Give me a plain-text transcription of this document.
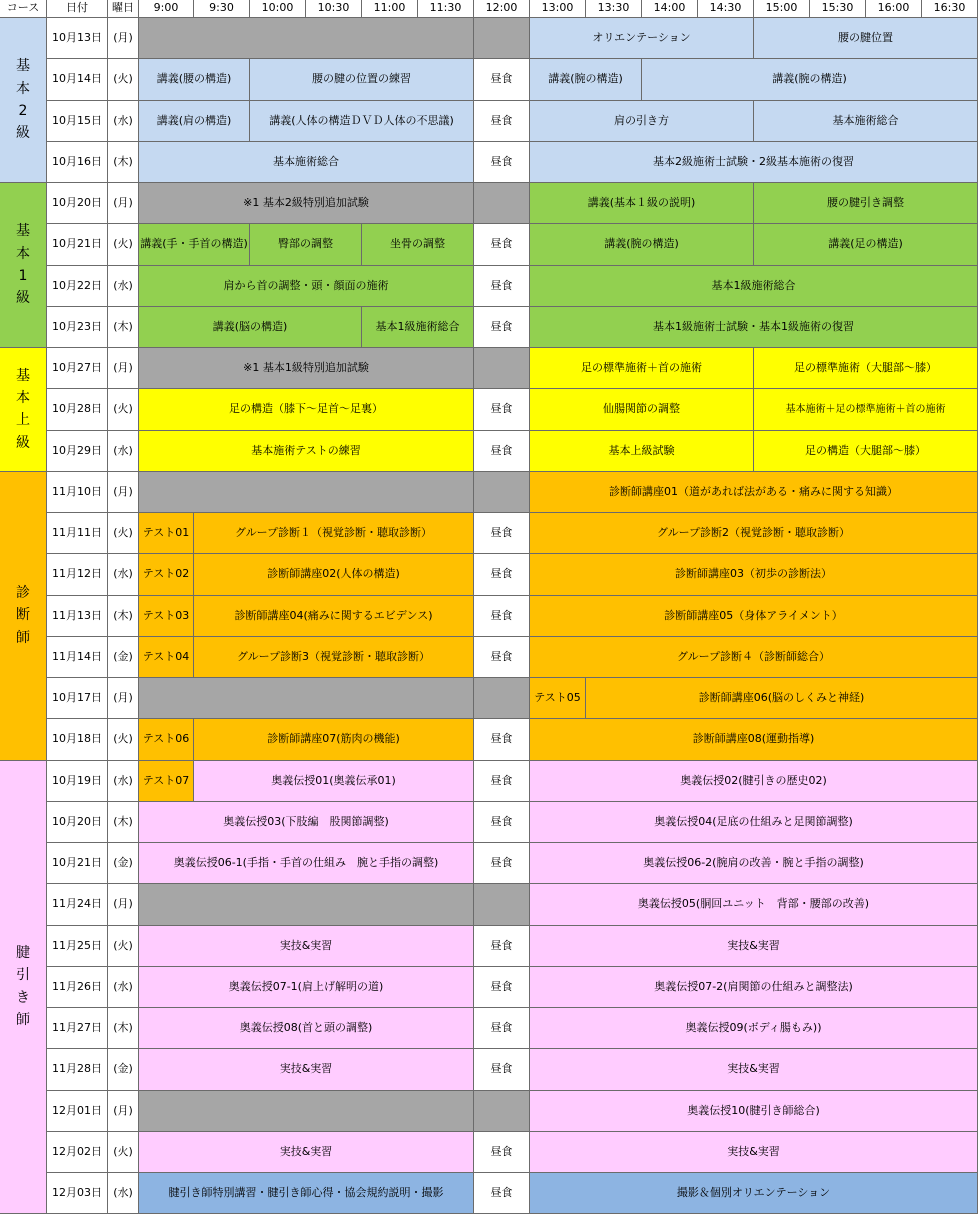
コース	日付	曜日	9:00	9:30	10:00	10:30	11:00	11:30	12:00	13:00	13:30	14:00	14:30	15:00	15:30	16:00	16:30
基
本
2
級
基
本
1
級
基
本
上
級
診
断
師
腱
引
き
師
10月13日	(月)	オリエンテーション	腰の腱位置
10月14日	(火)	講義(腰の構造)	腰の腱の位置の練習	昼食	講義(腕の構造)	講義(腕の構造)
10月15日	(水)	講義(肩の構造)	講義(人体の構造ＤＶＤ人体の不思議)	昼食	肩の引き方	基本施術総合
10月16日	(木)	基本施術総合	昼食	基本2級施術士試験・2級基本施術の復習
10月20日	(月)	※1 基本2級特別追加試験	講義(基本１級の説明)	腰の腱引き調整
10月21日	(火) 講義(手・手首の構造)	臀部の調整	坐骨の調整	昼食	講義(腕の構造)	講義(足の構造)
10月22日	(水)	肩から首の調整・頭・顔面の施術	昼食	基本1級施術総合
10月23日	(木)	講義(脳の構造)	基本1級施術総合	昼食	基本1級施術士試験・基本1級施術の復習
10月27日	(月)	※1 基本1級特別追加試験	足の標準施術＋首の施術	足の標準施術（大腿部～膝）
10月28日	(火)	足の構造（膝下～足首～足裏）	昼食	仙腸関節の調整	基本施術＋足の標準施術＋首の施術
10月29日	(水)	基本施術テストの練習	昼食	基本上級試験	足の構造（大腿部～膝）
11月10日	(月)	診断師講座01（道があれば法がある・痛みに関する知識）
11月11日	(火) テスト01	グループ診断１（視覚診断・聴取診断）	昼食	グループ診断2（視覚診断・聴取診断）
11月12日	(水) テスト02	診断師講座02(人体の構造)	昼食	診断師講座03（初歩の診断法）
11月13日	(木) テスト03	診断師講座04(痛みに関するエビデンス)	昼食	診断師講座05（身体アライメント）
11月14日	(金) テスト04	グループ診断3（視覚診断・聴取診断）	昼食	グループ診断４（診断師総合）
10月17日	(月)	テスト05	診断師講座06(脳のしくみと神経)
10月18日	(火) テスト06	診断師講座07(筋肉の機能)	昼食	診断師講座08(運動指導)
10月19日	(水) テスト07	奥義伝授01(奥義伝承01)	昼食	奥義伝授02(腱引きの歴史02)
10月20日	(木)	奥義伝授03(下肢編　股関節調整)	昼食	奥義伝授04(足底の仕組みと足関節調整)
10月21日	(金)	奥義伝授06-1(手指・手首の仕組み　腕と手指の調整)	昼食	奥義伝授06-2(腕肩の改善・腕と手指の調整)
11月24日	(月)	奥義伝授05(胴回ユニット　背部・腰部の改善)
11月25日	(火)	実技&実習	昼食	実技&実習
11月26日	(水)	奥義伝授07-1(肩上げ解明の道)	昼食	奥義伝授07-2(肩関節の仕組みと調整法)
11月27日	(木)	奥義伝授08(首と頭の調整)	昼食	奥義伝授09(ボディ腸もみ))
11月28日	(金)	実技&実習	昼食	実技&実習
12月01日	(月)	奥義伝授10(腱引き師総合)
12月02日	(火)	実技&実習	昼食	実技&実習
12月03日	(水)	腱引き師特別講習・腱引き師心得・協会規約説明・撮影	昼食	撮影＆個別オリエンテーション
